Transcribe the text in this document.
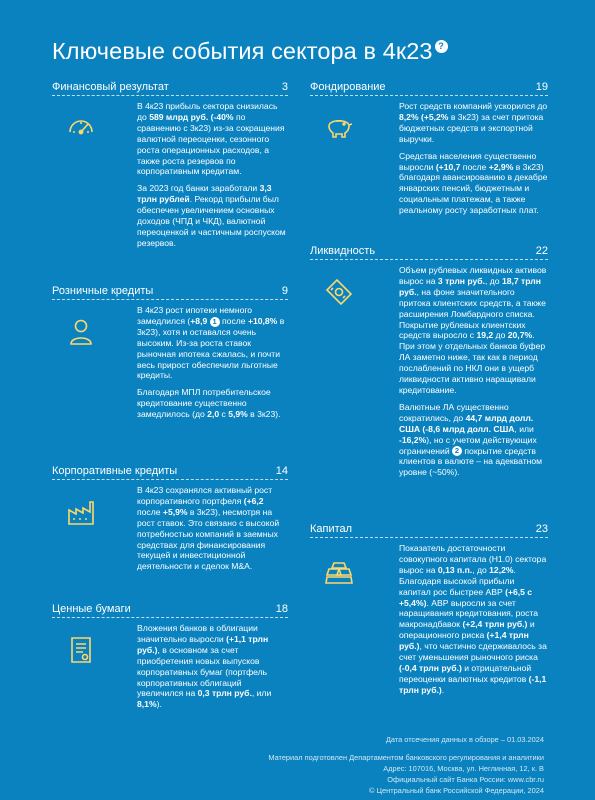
Ключевые события сектора в 4к23 ?
Финансовый результат	3

В 4к23 прибыль сектора снизилась до 589 млрд руб. (-40% по сравнению с 3к23) из-за сокращения валютной переоценки, сезонного роста операционных расходов, а также роста резервов по корпоративным кредитам.

За 2023 год банки заработали 3,3 трлн рублей. Рекорд прибыли был обеспечен увеличением основных доходов (ЧПД и ЧКД), валютной переоценкой и частичным роспуском резервов.

Розничные кредиты	9

В 4к23 рост ипотеки немного замедлился (+8,9 1 после +10,8% в 3к23), хотя и оставался очень высоким. Из-за роста ставок рыночная ипотека сжалась, и почти весь прирост обеспечили льготные кредиты.

Благодаря МПЛ потребительское кредитование существенно замедлилось (до 2,0 с 5,9% в 3к23).

Корпоративные кредиты	14

В 4к23 сохранялся активный рост корпоративного портфеля (+6,2 после +5,9% в 3к23), несмотря на рост ставок. Это связано с высокой потребностью компаний в заемных средствах для финансирования текущей и инвестиционной деятельности и сделок M&A.

Ценные бумаги	18

Вложения банков в облигации значительно выросли (+1,1 трлн руб.), в основном за счет приобретения новых выпусков корпоративных бумаг (портфель корпоративных облигаций увеличился на 0,3 трлн руб., или 8,1%).

Фондирование	19

Рост средств компаний ускорился до 8,2% (+5,2% в 3к23) за счет притока бюджетных средств и экспортной выручки.

Средства населения существенно выросли (+10,7 после +2,9% в 3к23) благодаря авансированию в декабре январских пенсий, бюджетным и социальным платежам, а также реальному росту заработных плат.

Ликвидность	22

Объем рублевых ликвидных активов вырос на 3 трлн руб., до 18,7 трлн руб., на фоне значительного притока клиентских средств, а также расширения Ломбардного списка. Покрытие рублевых клиентских средств выросло с 19,2 до 20,7%. При этом у отдельных банков буфер ЛА заметно ниже, так как в период послаблений по НКЛ они в ущерб ликвидности активно наращивали кредитование.

Валютные ЛА существенно сократились, до 44,7 млрд долл. США (-8,6 млрд долл. США, или -16,2%), но с учетом действующих ограничений 2 покрытие средств клиентов в валюте – на адекватном уровне (~50%).

Капитал	23

Показатель достаточности совокупного капитала (Н1.0) сектора вырос на 0,13 п.п., до 12,2%. Благодаря высокой прибыли капитал рос быстрее АВР (+6,5 c +5,4%). АВР выросли за счет наращивания кредитования, роста макронадбавок (+2,4 трлн руб.) и операционного риска (+1,4 трлн руб.), что частично сдерживалось за счет уменьшения рыночного риска (-0,4 трлн руб.) и отрицательной переоценки валютных кредитов (-1,1 трлн руб.).

Дата отсечения данных в обзоре – 01.03.2024
Материал подготовлен Департаментом банковского регулирования и аналитики
Адрес: 107016, Москва, ул. Неглинная, 12, к. В
Официальный сайт Банка России: www.cbr.ru
© Центральный банк Российской Федерации, 2024
